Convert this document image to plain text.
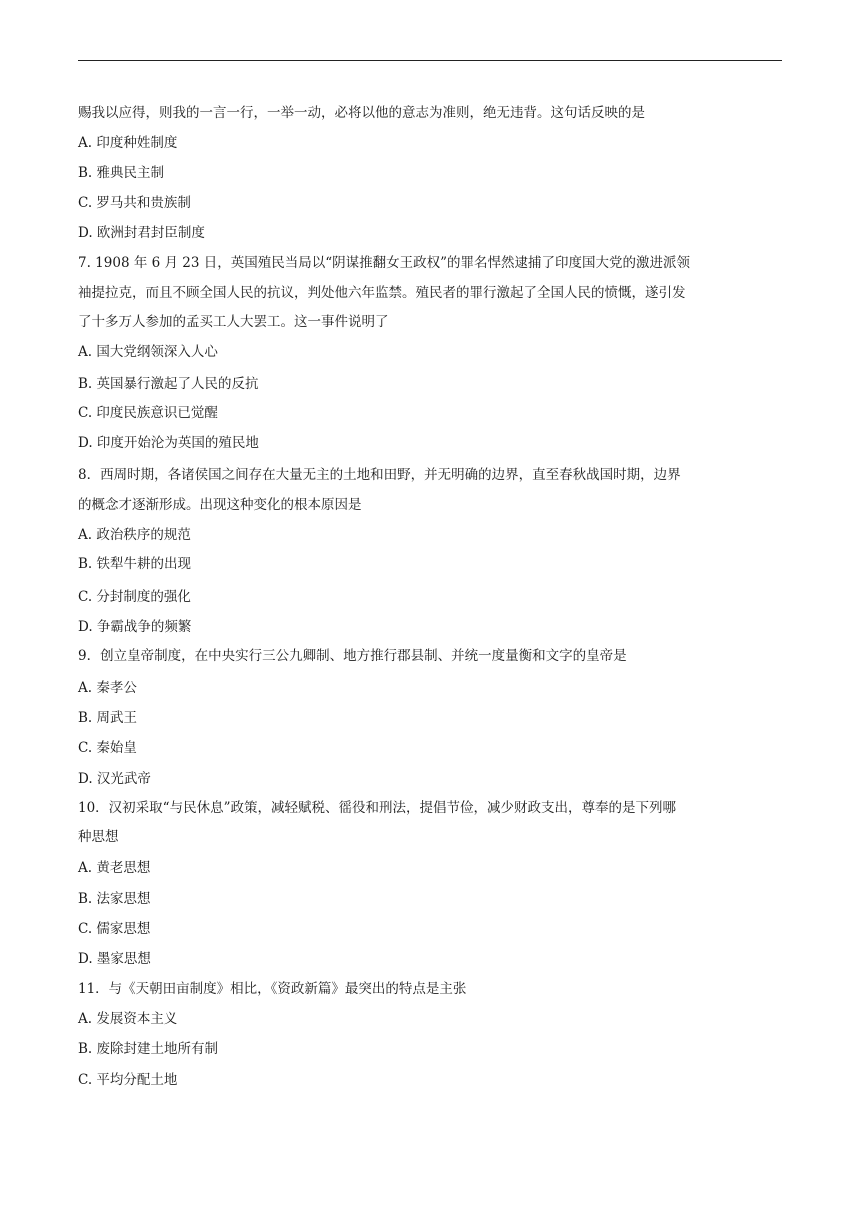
赐我以应得，则我的一言一行，一举一动，必将以他的意志为准则，绝无违背。这句话反映的是
A. 印度种姓制度
B. 雅典民主制
C. 罗马共和贵族制
D. 欧洲封君封臣制度
7. 1908 年 6 月 23 日，英国殖民当局以“阴谋推翻女王政权”的罪名悍然逮捕了印度国大党的激进派领
袖提拉克，而且不顾全国人民的抗议，判处他六年监禁。殖民者的罪行激起了全国人民的愤慨，遂引发
了十多万人参加的孟买工人大罢工。这一事件说明了
A. 国大党纲领深入人心
B. 英国暴行激起了人民的反抗
C. 印度民族意识已觉醒
D. 印度开始沦为英国的殖民地
8．西周时期，各诸侯国之间存在大量无主的土地和田野，并无明确的边界，直至春秋战国时期，边界
的概念才逐渐形成。出现这种变化的根本原因是
A. 政治秩序的规范
B. 铁犁牛耕的出现
C. 分封制度的强化
D. 争霸战争的频繁
9．创立皇帝制度，在中央实行三公九卿制、地方推行郡县制、并统一度量衡和文字的皇帝是
A. 秦孝公
B. 周武王
C. 秦始皇
D. 汉光武帝
10．汉初采取“与民休息”政策，减轻赋税、徭役和刑法，提倡节俭，减少财政支出，尊奉的是下列哪
种思想
A. 黄老思想
B. 法家思想
C. 儒家思想
D. 墨家思想
11．与《天朝田亩制度》相比，《资政新篇》最突出的特点是主张
A. 发展资本主义
B. 废除封建土地所有制
C. 平均分配土地
